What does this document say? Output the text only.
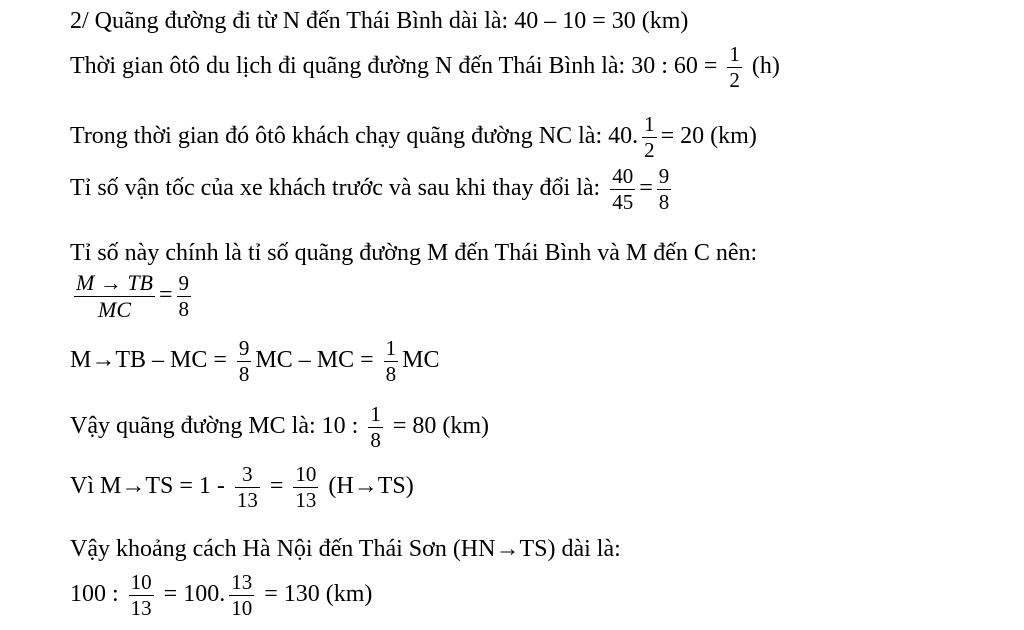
2/ Quãng đường đi từ N đến Thái Bình dài là: 40 – 10 = 30 (km)
Thời gian ôtô du lịch đi quãng đường N đến Thái Bình là: 30 : $60 = \frac{1}{2} (h)$
Trong thời gian đó ôtô khách chạy quãng đường NC là: 40. $\frac{1}{2} = 20$ (km)
Tỉ số vận tốc của xe khách trước và sau khi thay đổi là: $\frac{40}{45} = \frac{9}{8}$
Tỉ số này chính là tỉ số quãng đường M đến Thái Bình và M đến C nên:
$\frac{M \to TB}{MC} = \frac{9}{8}$
M→TB – MC = $\frac{9}{8}$ MC – MC = $\frac{1}{8}$ MC
Vậy quãng đường MC là: 10 : $\frac{1}{8} = 80$ (km)
Vì $M\to TS = 1 - \frac{3}{13} = \frac{10}{13} (H\to TS)$
Vậy khoảng cách Hà Nội đến Thái Sơn (HN→TS) dài là:
100 : $\frac{10}{13} = 100$. $\frac{13}{10} = 130$ (km)
